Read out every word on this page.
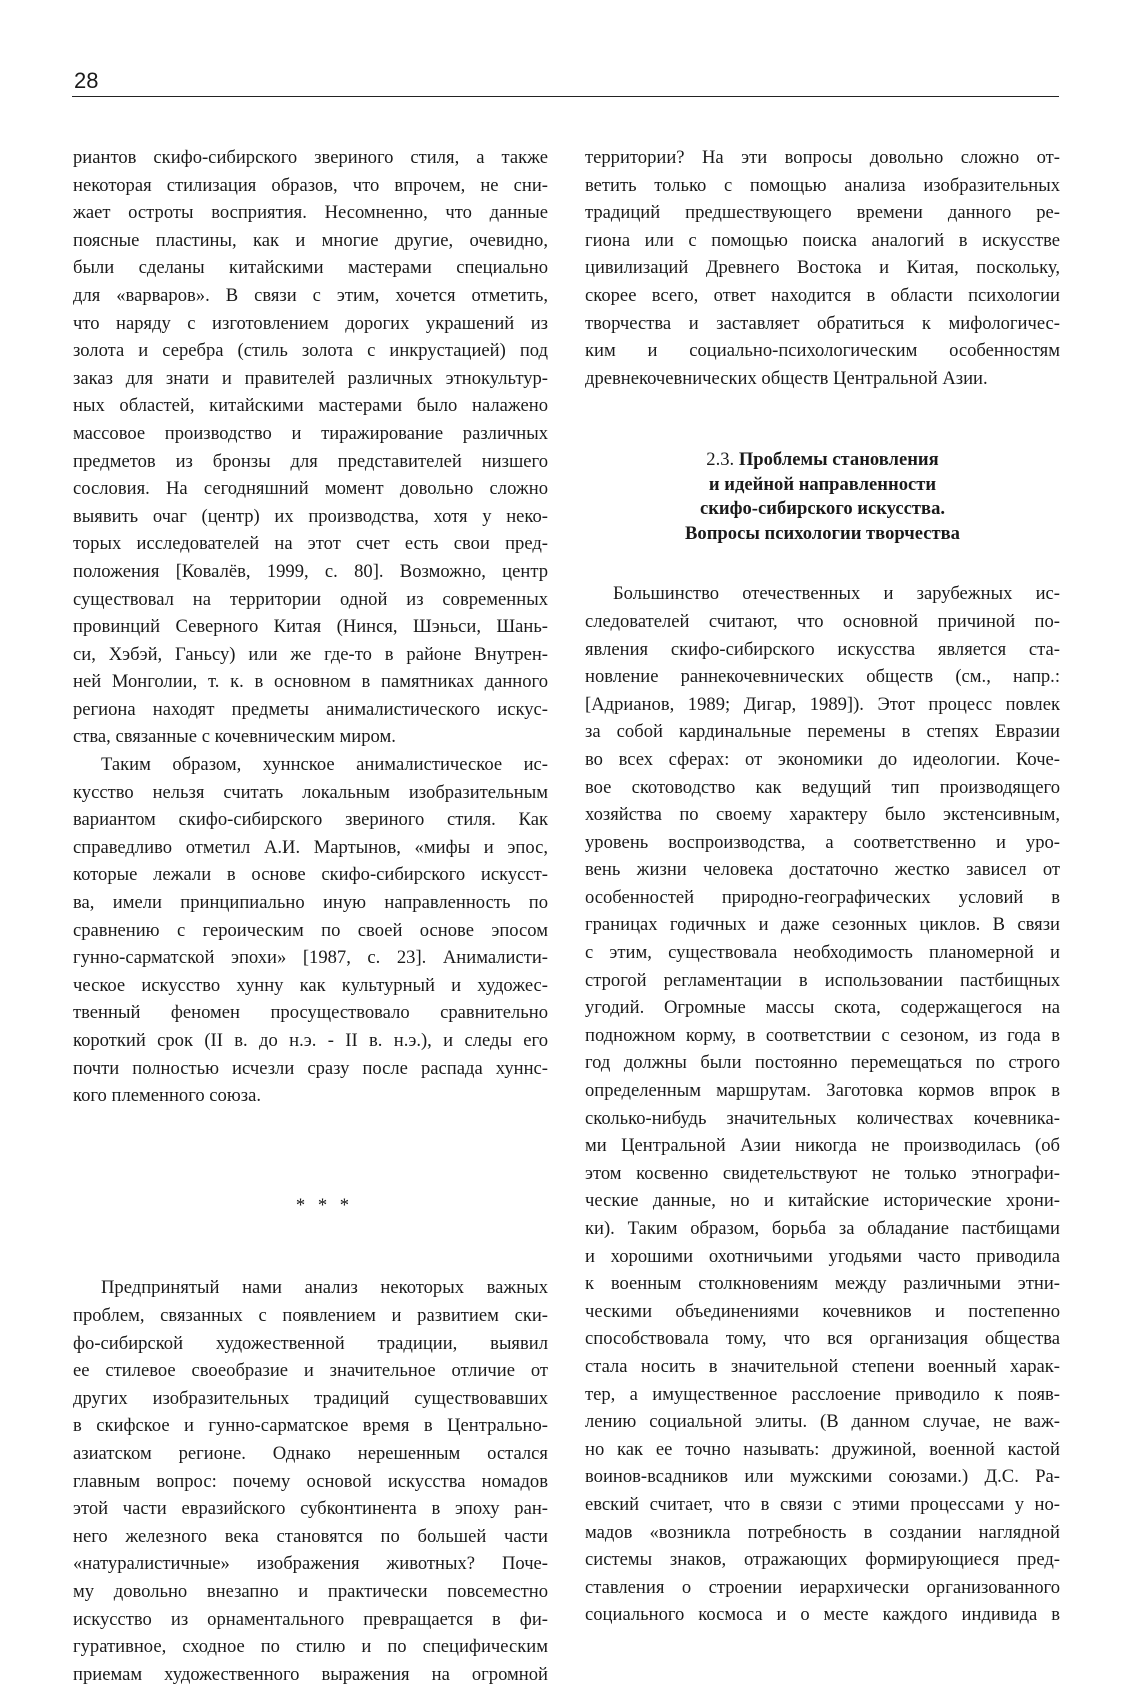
28
риантов скифо-сибирского звериного стиля, а также
некоторая стилизация образов, что впрочем, не сни-
жает остроты восприятия. Несомненно, что данные
поясные пластины, как и многие другие, очевидно,
были сделаны китайскими мастерами специально
для «варваров». В связи с этим, хочется отметить,
что наряду с изготовлением дорогих украшений из
золота и серебра (стиль золота с инкрустацией) под
заказ для знати и правителей различных этнокультур-
ных областей, китайскими мастерами было налажено
массовое производство и тиражирование различных
предметов из бронзы для представителей низшего
сословия. На сегодняшний момент довольно сложно
выявить очаг (центр) их производства, хотя у неко-
торых исследователей на этот счет есть свои пред-
положения [Ковалёв, 1999, с. 80]. Возможно, центр
существовал на территории одной из современных
провинций Северного Китая (Нинся, Шэньси, Шань-
си, Хэбэй, Ганьсу) или же где-то в районе Внутрен-
ней Монголии, т. к. в основном в памятниках данного
региона находят предметы анималистического искус-
ства, связанные с кочевническим миром.
Таким образом, хуннское анималистическое ис-
кусство нельзя считать локальным изобразительным
вариантом скифо-сибирского звериного стиля. Как
справедливо отметил А.И. Мартынов, «мифы и эпос,
которые лежали в основе скифо-сибирского искусст-
ва, имели принципиально иную направленность по
сравнению с героическим по своей основе эпосом
гунно-сарматской эпохи» [1987, с. 23]. Анималисти-
ческое искусство хунну как культурный и художес-
твенный феномен просуществовало сравнительно
короткий срок (II в. до н.э. - II в. н.э.), и следы его
почти полностью исчезли сразу после распада хуннс-
кого племенного союза.
* * *
Предпринятый нами анализ некоторых важных
проблем, связанных с появлением и развитием ски-
фо-сибирской художественной традиции, выявил
ее стилевое своеобразие и значительное отличие от
других изобразительных традиций существовавших
в скифское и гунно-сарматское время в Центрально-
азиатском регионе. Однако нерешенным остался
главным вопрос: почему основой искусства номадов
этой части евразийского субконтинента в эпоху ран-
него железного века становятся по большей части
«натуралистичные» изображения животных? Поче-
му довольно внезапно и практически повсеместно
искусство из орнаментального превращается в фи-
гуративное, сходное по стилю и по специфическим
приемам художественного выражения на огромной
территории? На эти вопросы довольно сложно от-
ветить только с помощью анализа изобразительных
традиций предшествующего времени данного ре-
гиона или с помощью поиска аналогий в искусстве
цивилизаций Древнего Востока и Китая, поскольку,
скорее всего, ответ находится в области психологии
творчества и заставляет обратиться к мифологичес-
ким и социально-психологическим особенностям
древнекочевнических обществ Центральной Азии.
2.3. Проблемы становления
и идейной направленности
скифо-сибирского искусства.
Вопросы психологии творчества
Большинство отечественных и зарубежных ис-
следователей считают, что основной причиной по-
явления скифо-сибирского искусства является ста-
новление раннекочевнических обществ (см., напр.:
[Адрианов, 1989; Дигар, 1989]). Этот процесс повлек
за собой кардинальные перемены в степях Евразии
во всех сферах: от экономики до идеологии. Коче-
вое скотоводство как ведущий тип производящего
хозяйства по своему характеру было экстенсивным,
уровень воспроизводства, а соответственно и уро-
вень жизни человека достаточно жестко зависел от
особенностей природно-географических условий в
границах годичных и даже сезонных циклов. В связи
с этим, существовала необходимость планомерной и
строгой регламентации в использовании пастбищных
угодий. Огромные массы скота, содержащегося на
подножном корму, в соответствии с сезоном, из года в
год должны были постоянно перемещаться по строго
определенным маршрутам. Заготовка кормов впрок в
сколько-нибудь значительных количествах кочевника-
ми Центральной Азии никогда не производилась (об
этом косвенно свидетельствуют не только этнографи-
ческие данные, но и китайские исторические хрони-
ки). Таким образом, борьба за обладание пастбищами
и хорошими охотничьими угодьями часто приводила
к военным столкновениям между различными этни-
ческими объединениями кочевников и постепенно
способствовала тому, что вся организация общества
стала носить в значительной степени военный харак-
тер, а имущественное расслоение приводило к появ-
лению социальной элиты. (В данном случае, не важ-
но как ее точно называть: дружиной, военной кастой
воинов-всадников или мужскими союзами.) Д.С. Ра-
евский считает, что в связи с этими процессами у но-
мадов «возникла потребность в создании наглядной
системы знаков, отражающих формирующиеся пред-
ставления о строении иерархически организованного
социального космоса и о месте каждого индивида в
